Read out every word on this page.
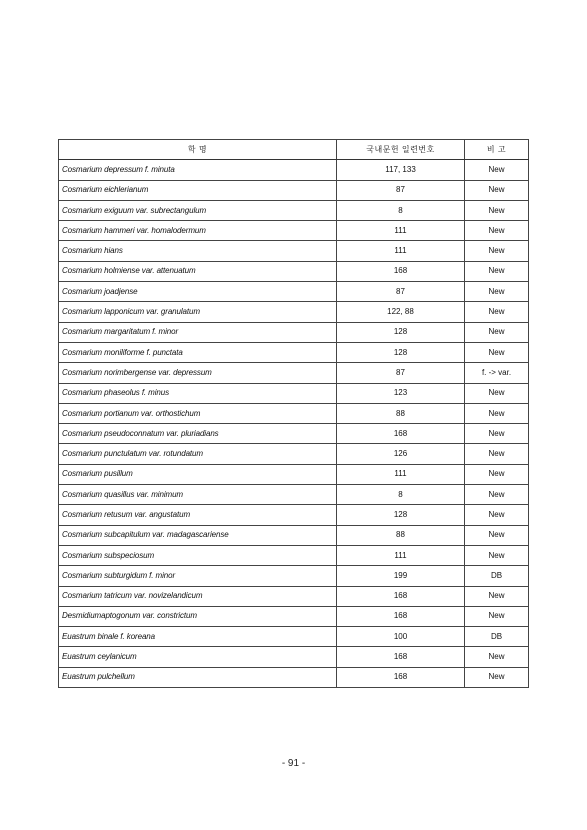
학 명	국내문헌 일련번호	비 고
Cosmarium depressum f. minuta	117, 133	New
Cosmarium eichlerianum	87	New
Cosmarium exiguum var. subrectangulum	8	New
Cosmarium hammeri var. homalodermum	111	New
Cosmarium hians	111	New
Cosmarium holmiense var. attenuatum	168	New
Cosmarium joadjense	87	New
Cosmarium lapponicum var. granulatum	122, 88	New
Cosmarium margaritatum f. minor	128	New
Cosmarium moniliforme f. punctata	128	New
Cosmarium norimbergense var. depressum	87	f. -> var.
Cosmarium phaseolus f. minus	123	New
Cosmarium portianum var. orthostichum	88	New
Cosmarium pseudoconnatum var. pluriadians	168	New
Cosmarium punctulatum var. rotundatum	126	New
Cosmarium pusillum	111	New
Cosmarium quasillus var. minimum	8	New
Cosmarium retusum var. angustatum	128	New
Cosmarium subcapitulum var. madagascariense	88	New
Cosmarium subspeciosum	111	New
Cosmarium subturgidum f. minor	199	DB
Cosmarium tatricum var. novizelandicum	168	New
Desmidiumaptogonum var. constrictum	168	New
Euastrum binale f. koreana	100	DB
Euastrum ceylanicum	168	New
Euastrum pulchellum	168	New
- 91 -
